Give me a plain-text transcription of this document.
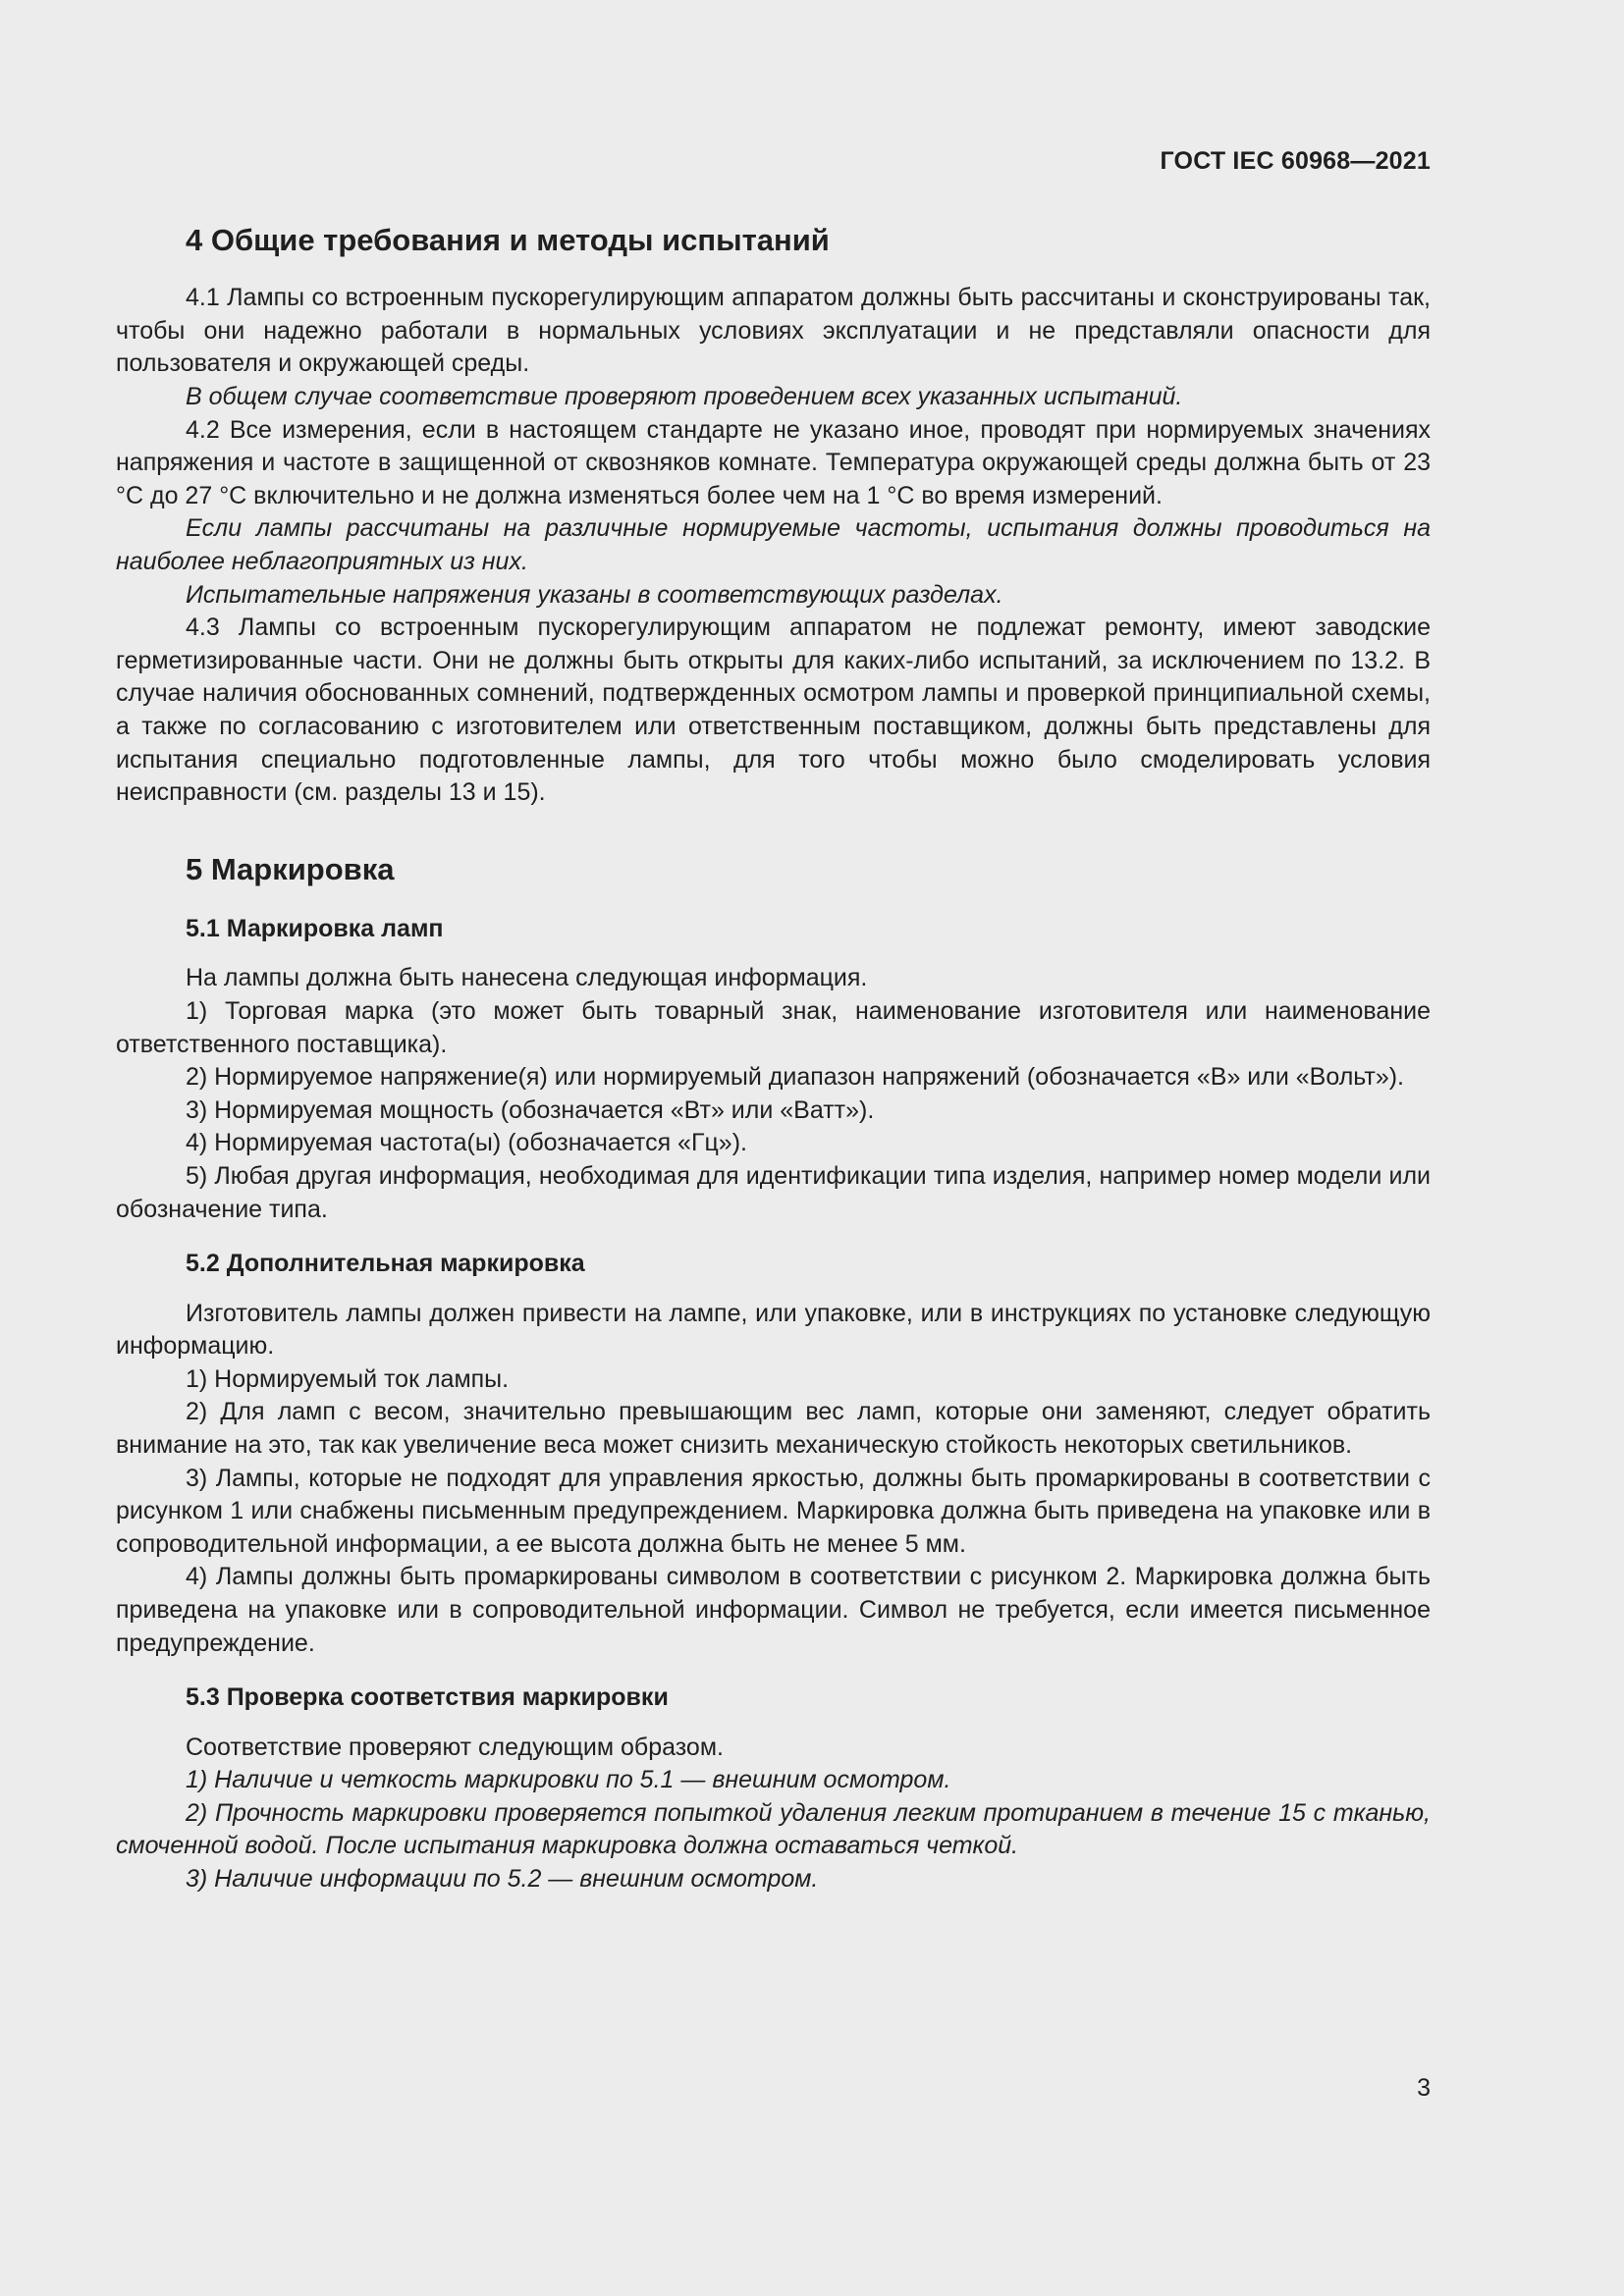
ГОСТ IEC 60968—2021
4 Общие требования и методы испытаний

4.1 Лампы со встроенным пускорегулирующим аппаратом должны быть рассчитаны и сконструированы так, чтобы они надежно работали в нормальных условиях эксплуатации и не представляли опасности для пользователя и окружающей среды.

В общем случае соответствие проверяют проведением всех указанных испытаний.

4.2 Все измерения, если в настоящем стандарте не указано иное, проводят при нормируемых значениях напряжения и частоте в защищенной от сквозняков комнате. Температура окружающей среды должна быть от 23 °С до 27 °С включительно и не должна изменяться более чем на 1 °С во время измерений.

Если лампы рассчитаны на различные нормируемые частоты, испытания должны проводиться на наиболее неблагоприятных из них.

Испытательные напряжения указаны в соответствующих разделах.

4.3 Лампы со встроенным пускорегулирующим аппаратом не подлежат ремонту, имеют заводские герметизированные части. Они не должны быть открыты для каких-либо испытаний, за исключением по 13.2. В случае наличия обоснованных сомнений, подтвержденных осмотром лампы и проверкой принципиальной схемы, а также по согласованию с изготовителем или ответственным поставщиком, должны быть представлены для испытания специально подготовленные лампы, для того чтобы можно было смоделировать условия неисправности (см. разделы 13 и 15).

5 Маркировка
5.1 Маркировка ламп

На лампы должна быть нанесена следующая информация.

1) Торговая марка (это может быть товарный знак, наименование изготовителя или наименование ответственного поставщика).

2) Нормируемое напряжение(я) или нормируемый диапазон напряжений (обозначается «В» или «Вольт»).

3) Нормируемая мощность (обозначается «Вт» или «Ватт»).

4) Нормируемая частота(ы) (обозначается «Гц»).

5) Любая другая информация, необходимая для идентификации типа изделия, например номер модели или обозначение типа.

5.2 Дополнительная маркировка

Изготовитель лампы должен привести на лампе, или упаковке, или в инструкциях по установке следующую информацию.

1) Нормируемый ток лампы.

2) Для ламп с весом, значительно превышающим вес ламп, которые они заменяют, следует обратить внимание на это, так как увеличение веса может снизить механическую стойкость некоторых светильников.

3) Лампы, которые не подходят для управления яркостью, должны быть промаркированы в соответствии с рисунком 1 или снабжены письменным предупреждением. Маркировка должна быть приведена на упаковке или в сопроводительной информации, а ее высота должна быть не менее 5 мм.

4) Лампы должны быть промаркированы символом в соответствии с рисунком 2. Маркировка должна быть приведена на упаковке или в сопроводительной информации. Символ не требуется, если имеется письменное предупреждение.

5.3 Проверка соответствия маркировки

Соответствие проверяют следующим образом.

1) Наличие и четкость маркировки по 5.1 — внешним осмотром.

2) Прочность маркировки проверяется попыткой удаления легким протиранием в течение 15 с тканью, смоченной водой. После испытания маркировка должна оставаться четкой.

3) Наличие информации по 5.2 — внешним осмотром.

3
